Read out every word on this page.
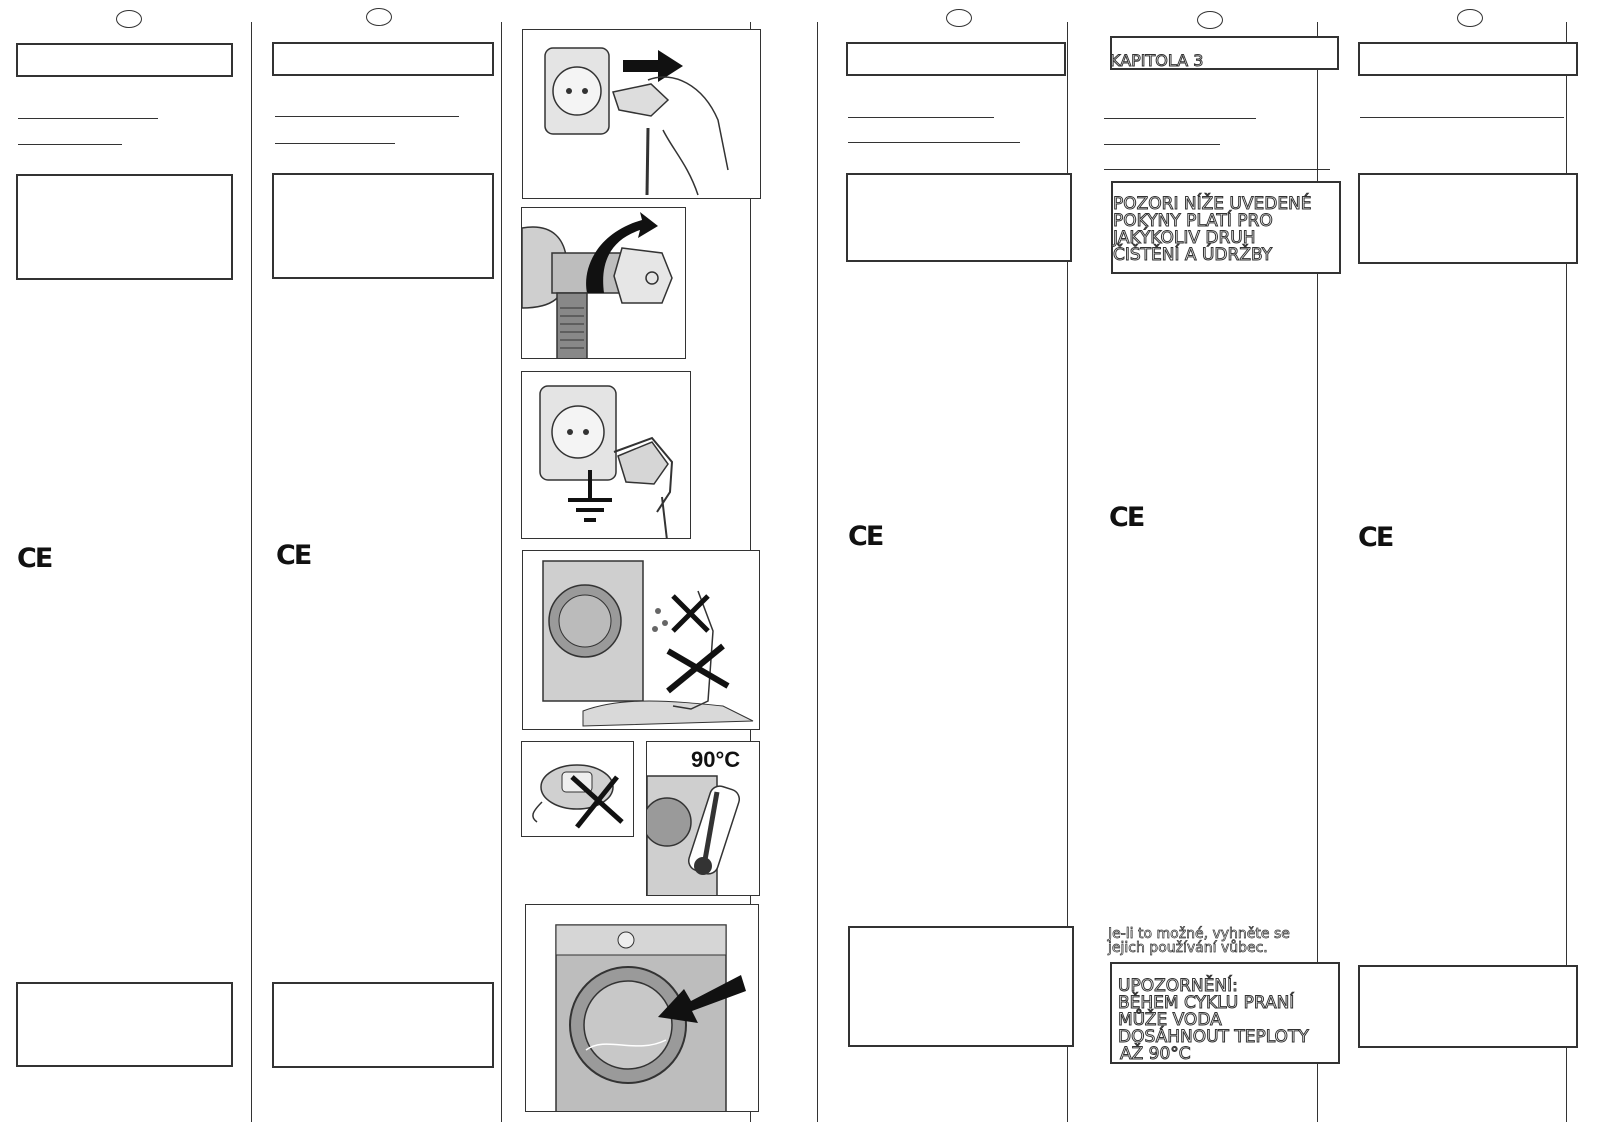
CE	CE
90°C
CE
KAPITOLA 3
POZORI NÍŽE UVEDENÉ
POKYNY PLATÍ PRO
JAKÝKOLIV DRUH
ČIŠTĚNÍ A ÚDRŽBY
CE
Je-li to možné, vyhněte se
jejich používání vůbec.
UPOZORNĚNÍ:
BĚHEM CYKLU PRANÍ
MŮŽE VODA
DOSÁHNOUT TEPLOTY
AŽ 90°C
CE
